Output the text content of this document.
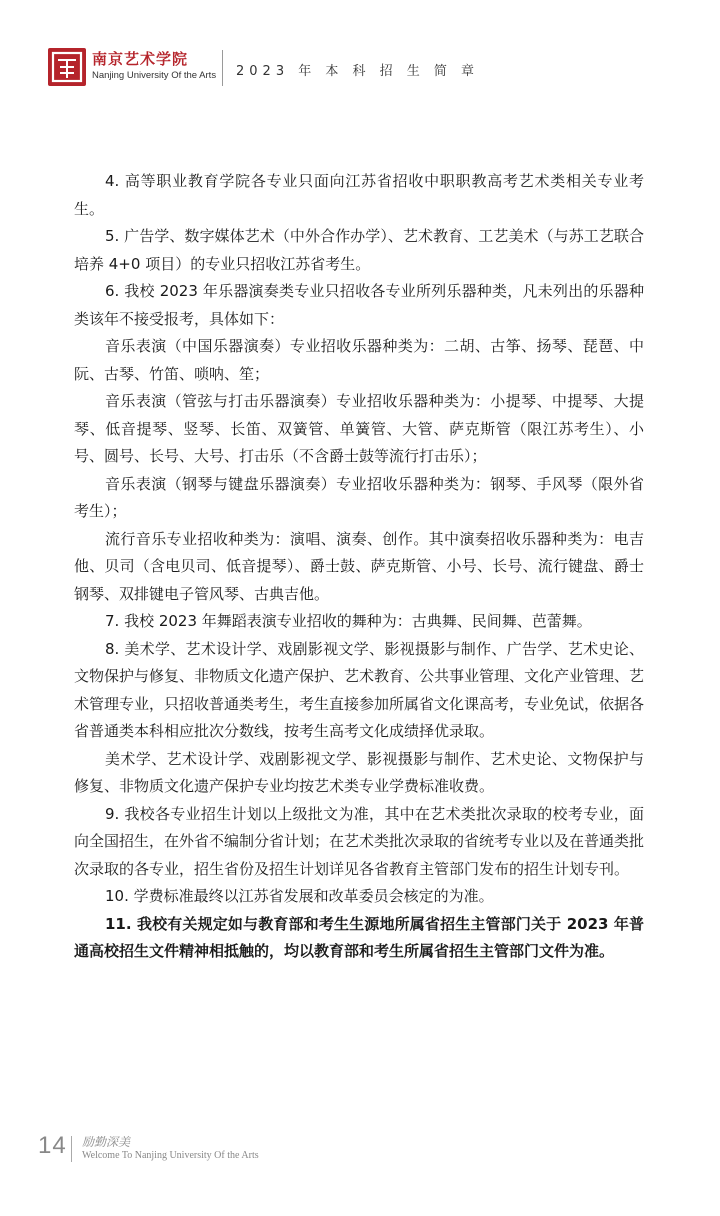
南京艺术学院
Nanjing University Of the Arts 2023 年 本 科 招 生 简 章

4. 高等职业教育学院各专业只面向江苏省招收中职职教高考艺术类相关专业考生。

5. 广告学、数字媒体艺术（中外合作办学）、艺术教育、工艺美术（与苏工艺联合培养 4+0 项目）的专业只招收江苏省考生。

6. 我校 2023 年乐器演奏类专业只招收各专业所列乐器种类，凡未列出的乐器种类该年不接受报考，具体如下：

音乐表演（中国乐器演奏）专业招收乐器种类为：二胡、古筝、扬琴、琵琶、中阮、古琴、竹笛、唢呐、笙；

音乐表演（管弦与打击乐器演奏）专业招收乐器种类为：小提琴、中提琴、大提琴、低音提琴、竖琴、长笛、双簧管、单簧管、大管、萨克斯管（限江苏考生）、小号、圆号、长号、大号、打击乐（不含爵士鼓等流行打击乐）；

音乐表演（钢琴与键盘乐器演奏）专业招收乐器种类为：钢琴、手风琴（限外省考生）；

流行音乐专业招收种类为：演唱、演奏、创作。其中演奏招收乐器种类为：电吉他、贝司（含电贝司、低音提琴）、爵士鼓、萨克斯管、小号、长号、流行键盘、爵士钢琴、双排键电子管风琴、古典吉他。

7. 我校 2023 年舞蹈表演专业招收的舞种为：古典舞、民间舞、芭蕾舞。

8. 美术学、艺术设计学、戏剧影视文学、影视摄影与制作、广告学、艺术史论、文物保护与修复、非物质文化遗产保护、艺术教育、公共事业管理、文化产业管理、艺术管理专业，只招收普通类考生，考生直接参加所属省文化课高考，专业免试，依据各省普通类本科相应批次分数线，按考生高考文化成绩择优录取。

美术学、艺术设计学、戏剧影视文学、影视摄影与制作、艺术史论、文物保护与修复、非物质文化遗产保护专业均按艺术类专业学费标准收费。

9. 我校各专业招生计划以上级批文为准，其中在艺术类批次录取的校考专业，面向全国招生，在外省不编制分省计划；在艺术类批次录取的省统考专业以及在普通类批次录取的各专业，招生省份及招生计划详见各省教育主管部门发布的招生计划专刊。

10. 学费标准最终以江苏省发展和改革委员会核定的为准。

11. 我校有关规定如与教育部和考生生源地所属省招生主管部门关于 2023 年普通高校招生文件精神相抵触的，均以教育部和考生所属省招生主管部门文件为准。

14 励勤深美
Welcome To Nanjing University Of the Arts
